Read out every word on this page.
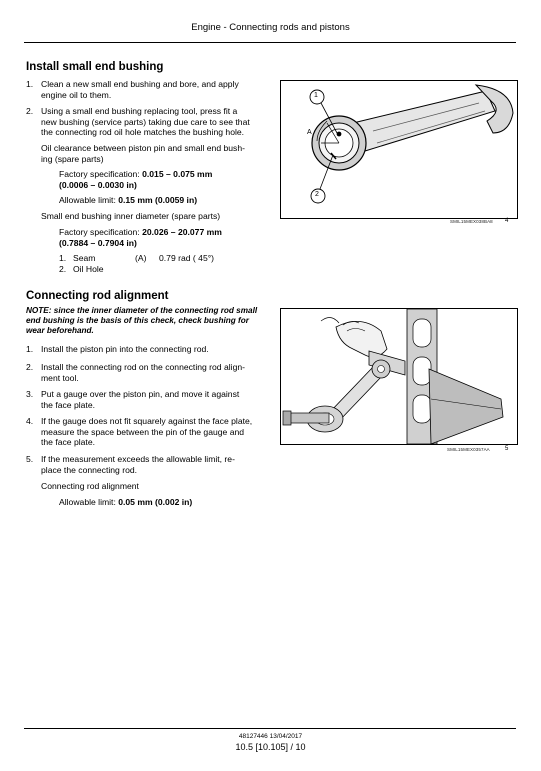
Engine - Connecting rods and pistons
Install small end bushing
1. Clean a new small end bushing and bore, and apply
engine oil to them.
2. Using a small end bushing replacing tool, press fit a
new bushing (service parts) taking due care to see that
the connecting rod oil hole matches the bushing hole.
Oil clearance between piston pin and small end bush-
ing (spare parts)
Factory specification: 0.015 – 0.075 mm
(0.0006 – 0.0030 in)
Allowable limit: 0.15 mm (0.0059 in)
Small end bushing inner diameter (spare parts)
Factory specification: 20.026 – 20.077 mm
(0.7884 – 0.7904 in)
1. Seam	(A) 0.79 rad ( 45°)
2. Oil Hole
1
2
A
SMIL15MEX038BA8 4
Connecting rod alignment
NOTE: since the inner diameter of the connecting rod small
end bushing is the basis of this check, check bushing for
wear beforehand.
1. Install the piston pin into the connecting rod.
2. Install the connecting rod on the connecting rod align-
ment tool.
3. Put a gauge over the piston pin, and move it against
the face plate.
4. If the gauge does not fit squarely against the face plate,
measure the space between the pin of the gauge and
the face plate.
5. If the measurement exceeds the allowable limit, re-
place the connecting rod.
Connecting rod alignment
Allowable limit: 0.05 mm (0.002 in)
SMIL15MEX0357AA	5
48127446 13/04/2017
10.5 [10.105] / 10
